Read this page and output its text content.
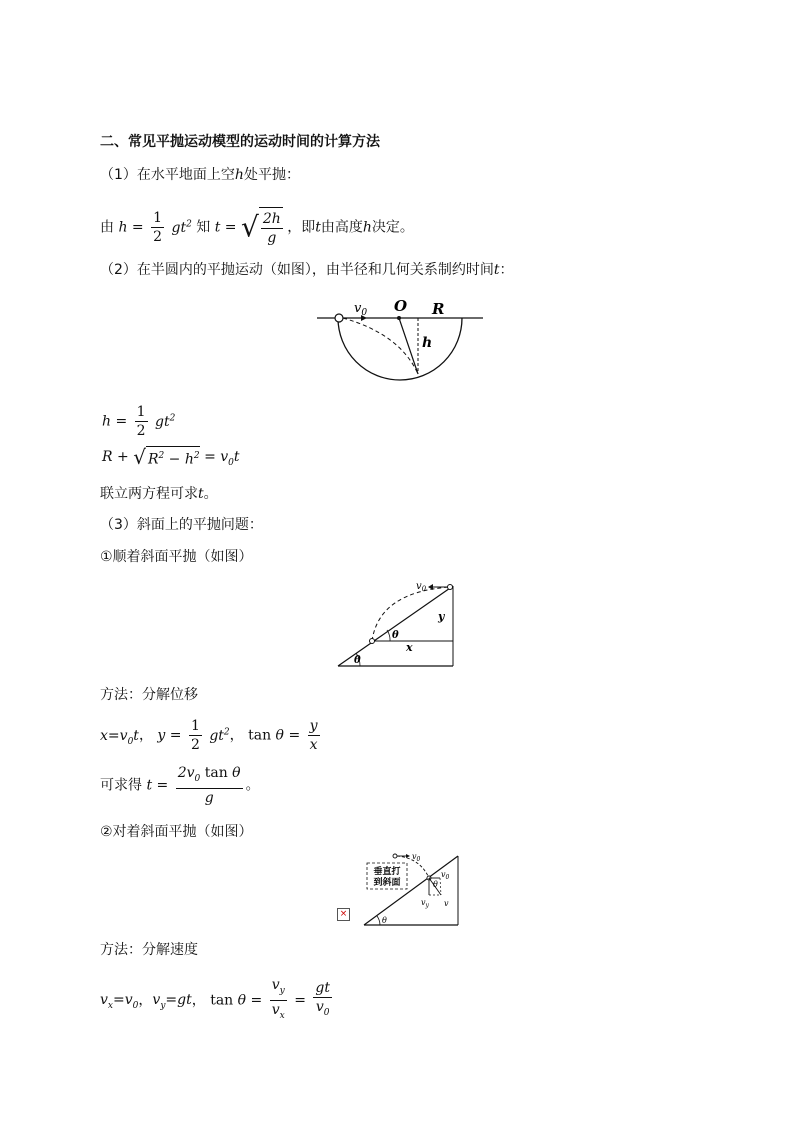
二、常见平抛运动模型的运动时间的计算方法
（1）在水平地面上空h处平抛：
由 $h = \frac{1}{2} gt^2$ 知 t = √ $\frac{2h}{g}$ ，即t由高度h决定。
（2）在半圆内的平抛运动（如图），由半径和几何关系制约时间t：
$v_0$ O R
h
$h = \frac{1}{2} gt^2$
R + √ $R^2 - h^2 = v_0t$
联立两方程可求t。
（3）斜面上的平抛问题：
①顺着斜面平抛（如图）
$v_0$
y
x
θ
θ
方法：分解位移
$x=v_0t$， $y = \frac{1}{2} gt^2$， $\tan \theta = \frac{y}{x}$
可求得 $t = \frac{2v_0 \tan \theta}{g}$ 。
②对着斜面平抛（如图）
×
垂直打
到斜面
$v_0$
$v_0$
θ
$v_y$ v
θ
方法：分解速度
$v_x=v_0$，$v_y=gt$， $\tan \theta = \frac{v_y}{v_x} = \frac{gt}{v_0}$
